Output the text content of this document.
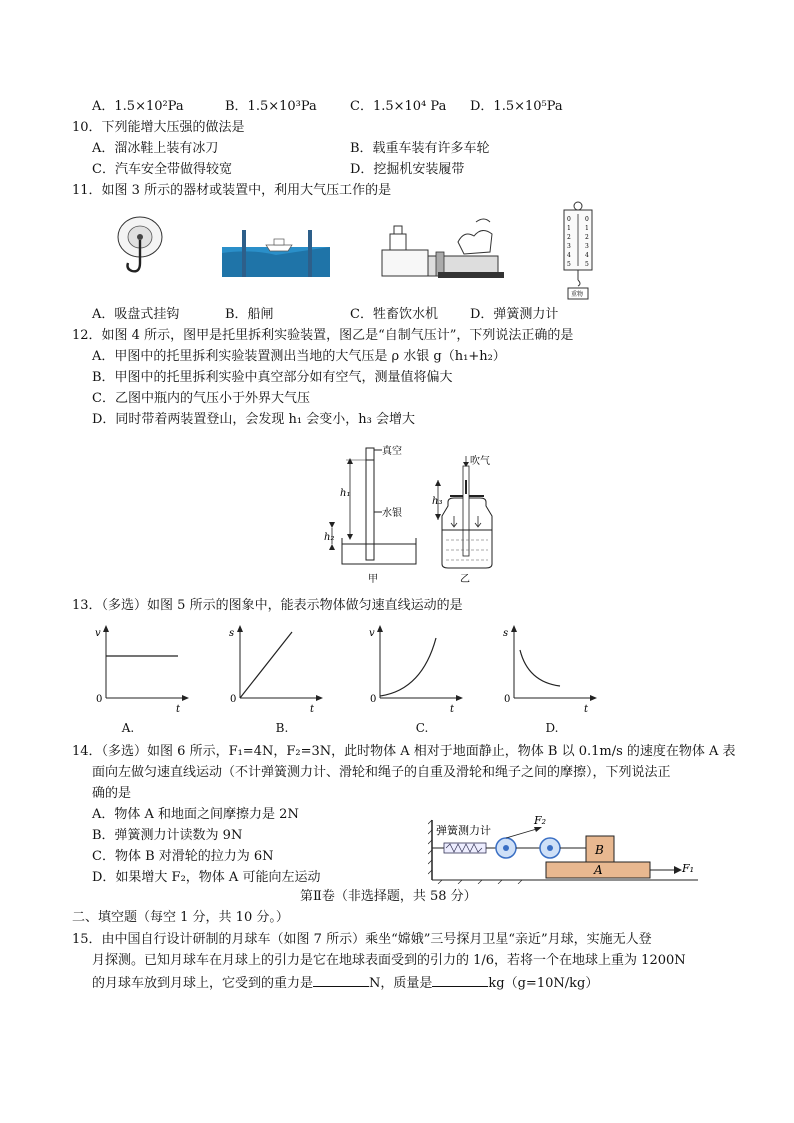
A．1.5×10²Pa	B．1.5×10³Pa	C．1.5×10⁴ Pa D．1.5×10⁵Pa
10．下列能增大压强的做法是
A．溜冰鞋上装有冰刀	B．载重车装有许多车轮
C．汽车安全带做得较宽	D．挖掘机安装履带
11．如图 3 所示的器材或装置中，利用大气压工作的是
0
1
2
3
4
5
0
1
2
3
4
5
重物
A．吸盘式挂钩	B．船闸	C．牲畜饮水机 D．弹簧测力计
12．如图 4 所示，图甲是托里拆利实验装置，图乙是“自制气压计”，下列说法正确的是
A．甲图中的托里拆利实验装置测出当地的大气压是 ρ 水银 g（h₁+h₂）
B．甲图中的托里拆利实验中真空部分如有空气，测量值将偏大
C．乙图中瓶内的气压小于外界大气压
D．同时带着两装置登山，会发现 h₁ 会变小，h₃ 会增大
真空
水银
h₁
h₂
甲
吹气
h₃
乙
13．（多选）如图 5 所示的图象中，能表示物体做匀速直线运动的是
v
t
0
A.
s
t
0
B.
v
t
0
C.
s
t
0
D.
14．（多选）如图 6 所示，F₁=4N，F₂=3N，此时物体 A 相对于地面静止，物体 B 以 0.1m/s 的速度在物体 A 表
面向左做匀速直线运动（不计弹簧测力计、滑轮和绳子的自重及滑轮和绳子之间的摩擦），下列说法正
确的是
A．物体 A 和地面之间摩擦力是 2N
B．弹簧测力计读数为 9N
C．物体 B 对滑轮的拉力为 6N
D．如果增大 F₂，物体 A 可能向左运动
弹簧测力计
F₂
B
A	F₁
第Ⅱ卷（非选择题，共 58 分）
二、填空题（每空 1 分，共 10 分。）
15．由中国自行设计研制的月球车（如图 7 所示）乘坐“嫦娥”三号探月卫星“亲近”月球，实施无人登
月探测。已知月球车在月球上的引力是它在地球表面受到的引力的 1/6，若将一个在地球上重为 1200N
的月球车放到月球上，它受到的重力是	N，质量是	kg（g=10N/kg）
